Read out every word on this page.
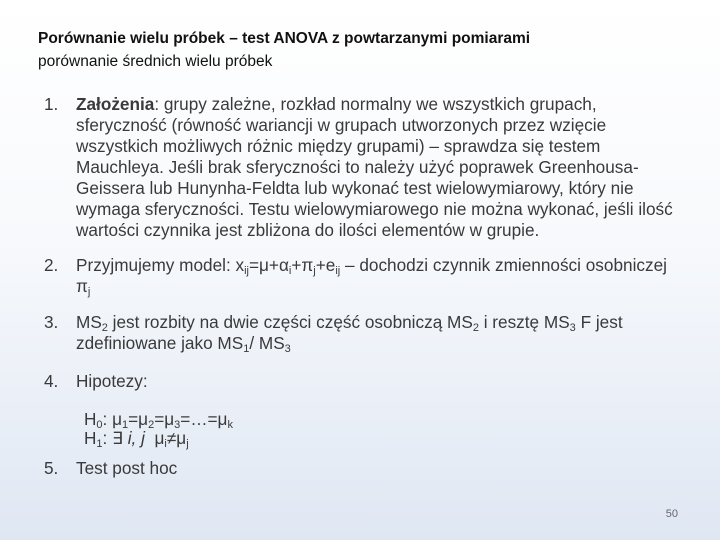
Porównanie wielu próbek – test ANOVA z powtarzanymi pomiarami
porównanie średnich wielu próbek
1. Założenia: grupy zależne, rozkład normalny we wszystkich grupach, sferyczność (równość wariancji w grupach utworzonych przez wzięcie wszystkich możliwych różnic między grupami) – sprawdza się testem Mauchleya. Jeśli brak sferyczności to należy użyć poprawek Greenhousa-Geissera lub Hunynha-Feldta lub wykonać test wielowymiarowy, który nie wymaga sferyczności. Testu wielowymiarowego nie można wykonać, jeśli ilość wartości czynnika jest zbliżona do ilości elementów w grupie.
2. Przyjmujemy model: $x_{ij}=\mu+\alpha_i+\pi_j+e_{ij}$ – dochodzi czynnik zmienności osobniczej $\pi_j$
3. $MS_2$ jest rozbity na dwie części część osobniczą $MS_2$ i resztę $MS_3$ F jest zdefiniowane jako $MS_1/$ $MS_3$
4. Hipotezy:
$H_0$: $\mu_1=\mu_2=\mu_3=\dots=\mu_k$
$H_1$: ∃ i, j  $\mu_i\ne\mu_j$
5. Test post hoc
50
